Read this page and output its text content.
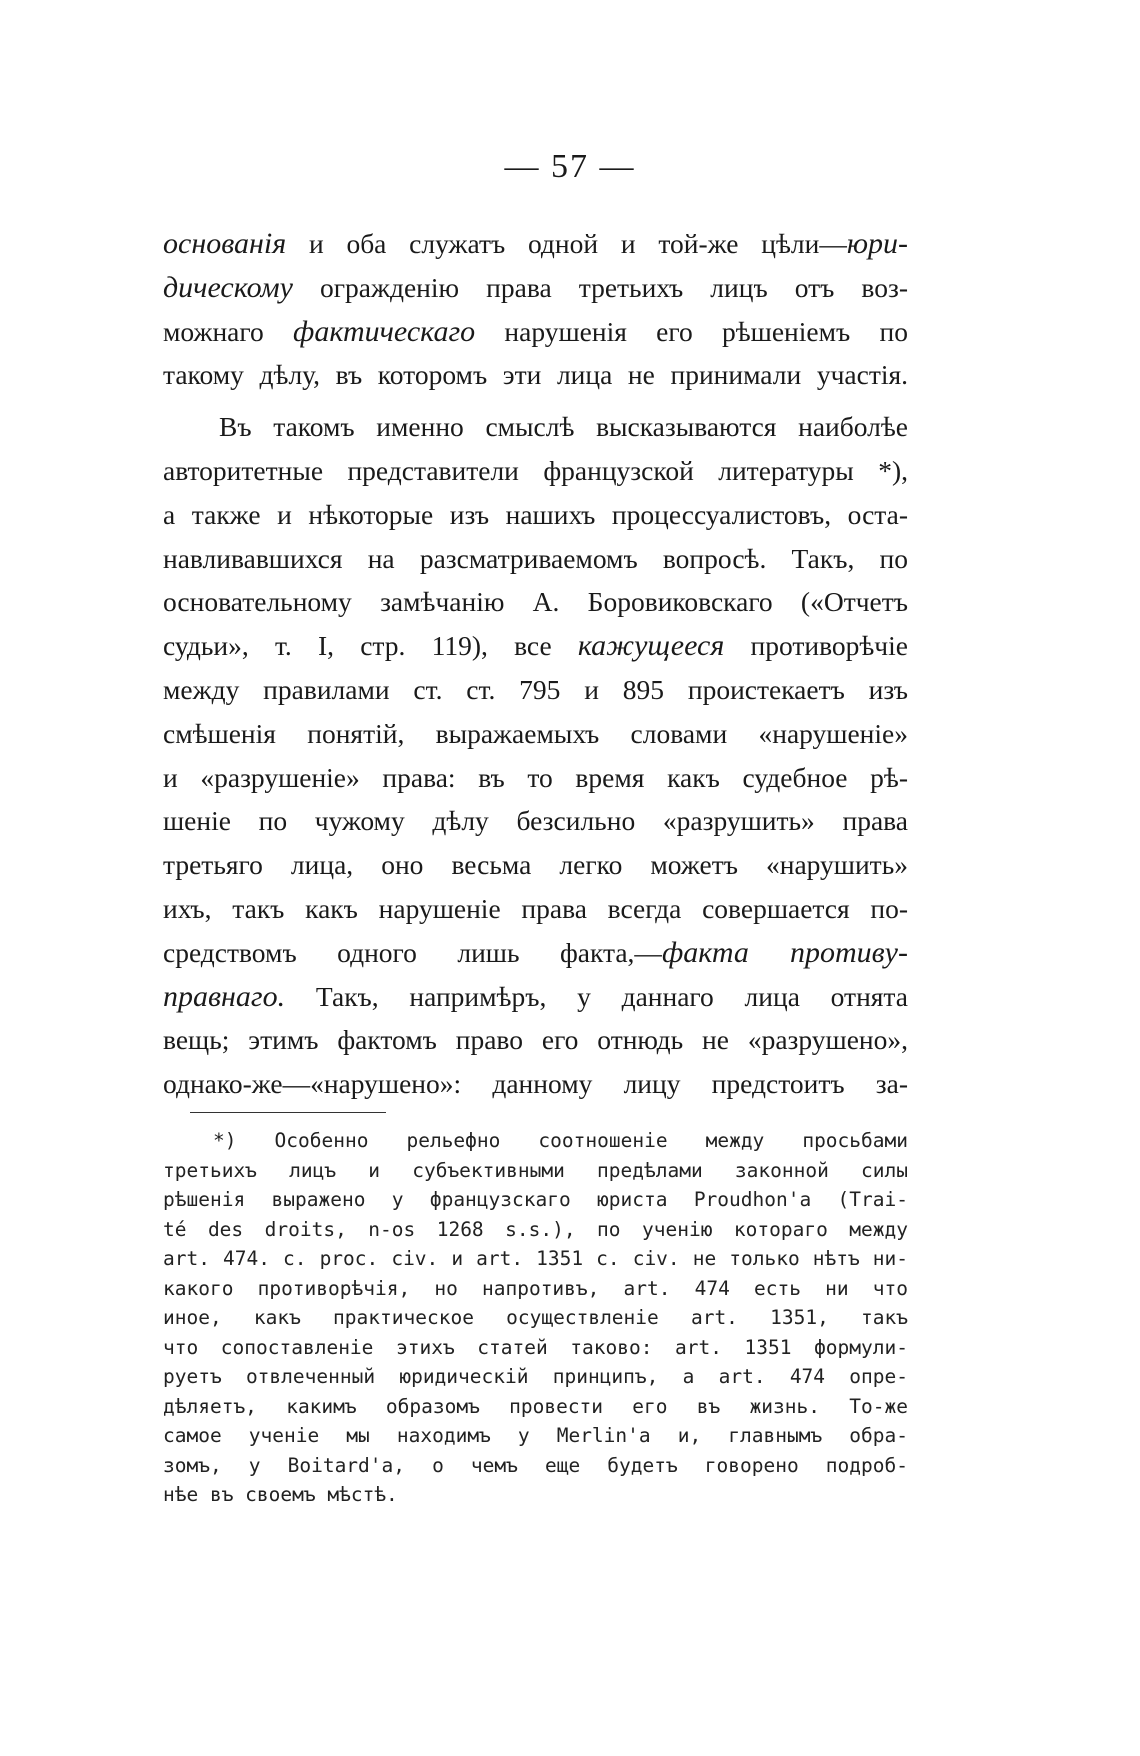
— 57 —
основанія и оба служатъ одной и той-же цѣли—юри-
дическому огражденію права третьихъ лицъ отъ воз-
можнаго фактическаго нарушенія его рѣшеніемъ по
такому дѣлу, въ которомъ эти лица не принимали участія.
Въ такомъ именно смыслѣ высказываются наиболѣе
авторитетные представители французской литературы *),
а также и нѣкоторые изъ нашихъ процессуалистовъ, оста-
навливавшихся на разсматриваемомъ вопросѣ. Такъ, по
основательному замѣчанію А. Боровиковскаго («Отчетъ
судьи», т. I, стр. 119), все кажущееся противорѣчіе
между правилами ст. ст. 795 и 895 проистекаетъ изъ
смѣшенія понятій, выражаемыхъ словами «нарушеніе»
и «разрушеніе» права: въ то время какъ судебное рѣ-
шеніе по чужому дѣлу безсильно «разрушить» права
третьяго лица, оно весьма легко можетъ «нарушить»
ихъ, такъ какъ нарушеніе права всегда совершается по-
средствомъ одного лишь факта,—факта противу-
правнаго. Такъ, напримѣръ, у даннаго лица отнята
вещь; этимъ фактомъ право его отнюдь не «разрушено»,
однако-же—«нарушено»: данному лицу предстоитъ за-
*) Особенно рельефно соотношеніе между просьбами
третьихъ лицъ и субъективными предѣлами законной силы
рѣшенія выражено у французскаго юриста Proudhon'a (Trai-
té des droits, n-os 1268 s.s.), по ученію котораго между
art. 474. c. proc. civ. и art. 1351 c. civ. не только нѣтъ ни-
какого противорѣчія, но напротивъ, art. 474 есть ни что
иное, какъ практическое осуществленіе art. 1351, такъ
что сопоставленіе этихъ статей таково: art. 1351 формули-
руетъ отвлеченный юридическій принципъ, а art. 474 опре-
дѣляетъ, какимъ образомъ провести его въ жизнь. То-же
самое ученіе мы находимъ у Merlin'a и, главнымъ обра-
зомъ, у Boitard'a, о чемъ еще будетъ говорено подроб-
нѣе въ своемъ мѣстѣ.
